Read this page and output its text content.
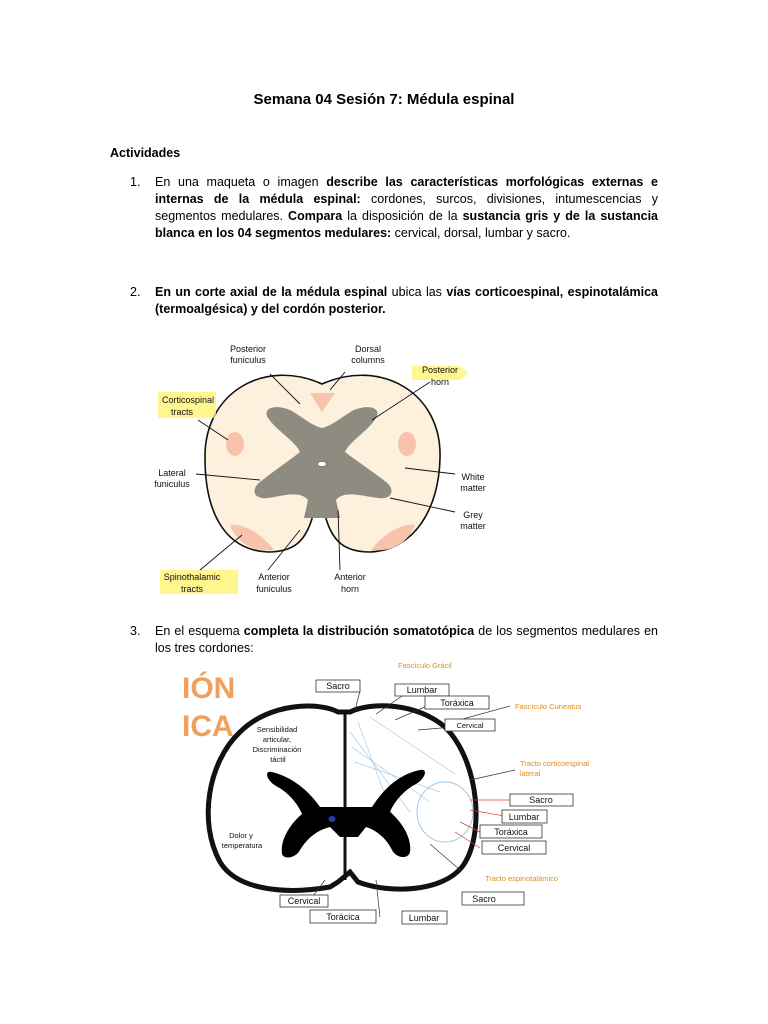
Semana 04 Sesión 7: Médula espinal
Actividades
1. En una maqueta o imagen describe las características morfológicas externas e internas de la médula espinal: cordones, surcos, divisiones, intumescencias y segmentos medulares. Compara la disposición de la sustancia gris y de la sustancia blanca en los 04 segmentos medulares: cervical, dorsal, lumbar y sacro.
2. En un corte axial de la médula espinal ubica las vías corticoespinal, espinotalámica (termoalgésica) y del cordón posterior.
Posterior funiculus
Dorsal columns
Posterior horn
Corticospinal tracts
Lateral funiculus
White matter
Grey matter
Spinothalamic tracts
Anterior funiculus
Anterior horn
3. En el esquema completa la distribución somatotópica de los segmentos medulares en los tres cordones:
IÓN
ICA	Sensibilidad articular, Discriminación táctil
Dolor y temperatura
Fascículo Grácil
Fascículo Cuneatus
Tracto corticoespinal lateral
Tracto espinotalámico
Sacro	Lumbar
Toráxica
Cervical
Sacro
Lumbar
Toráxica
Cervical
Cervical
Torácica	Lumbar
Sacro
